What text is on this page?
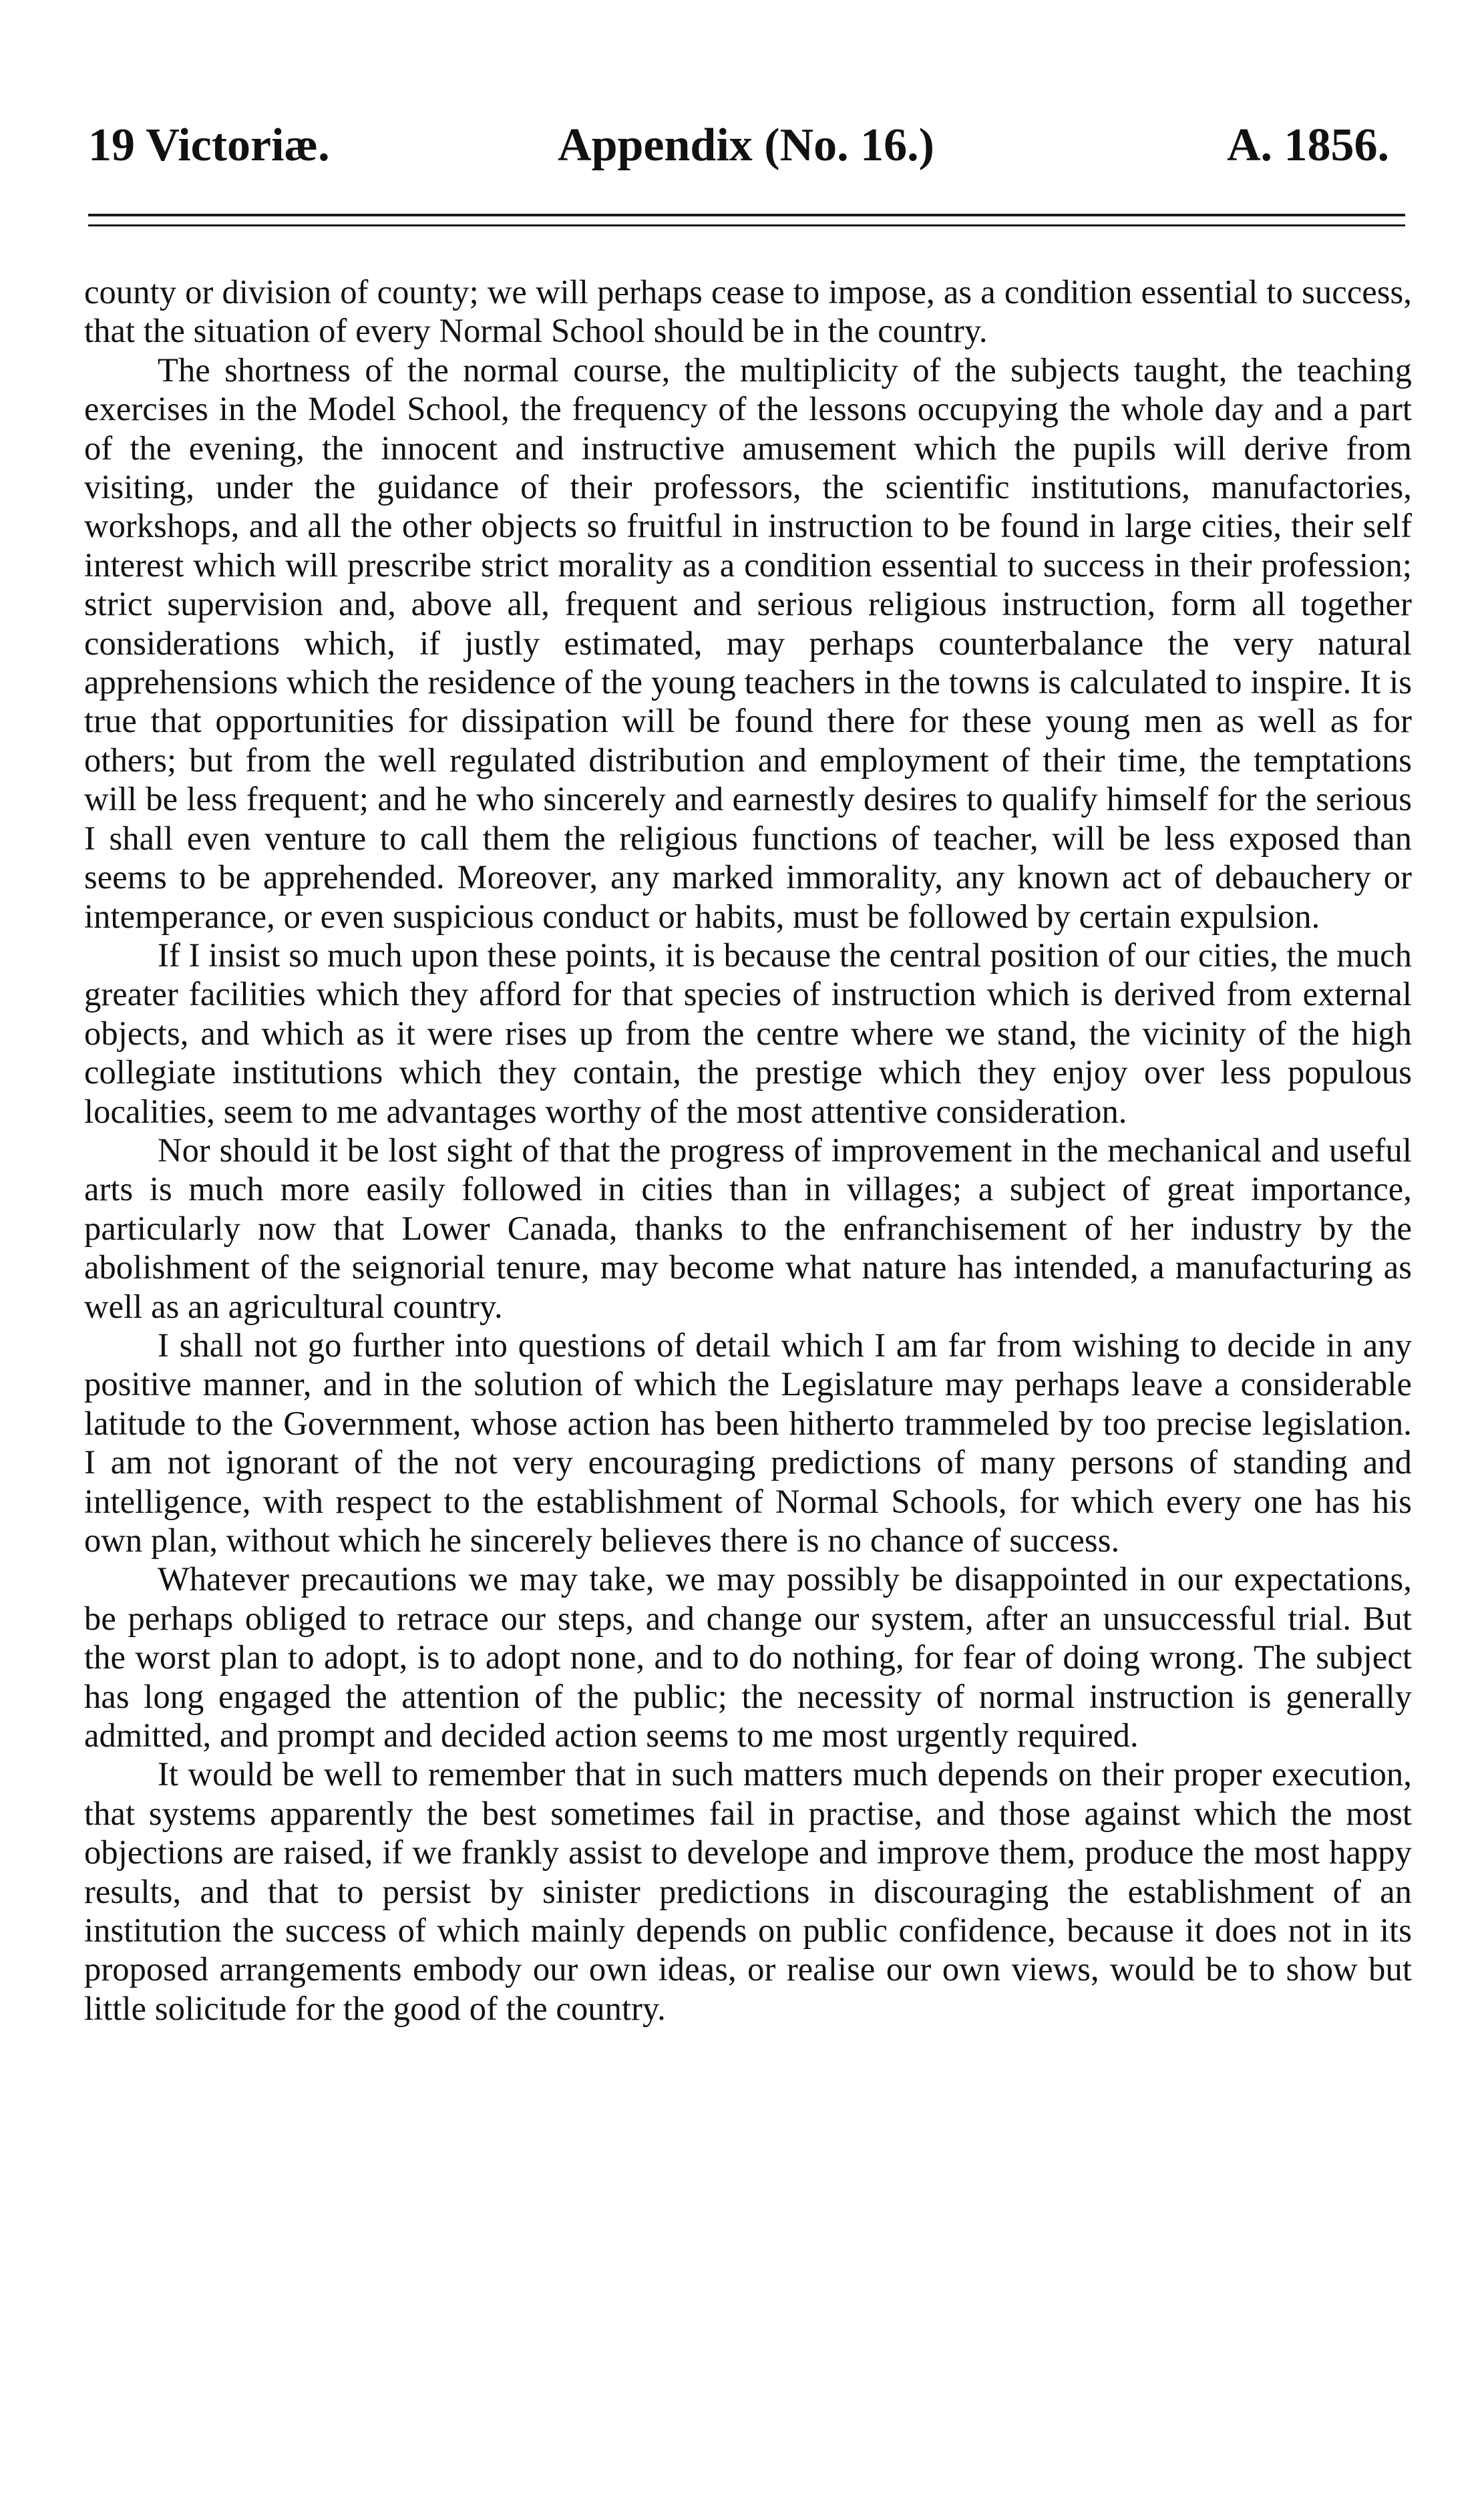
19 Victoriæ.	Appendix (No. 16.)	A. 1856.

county or division of county; we will perhaps cease to impose, as a condition essential to success, that the situation of every Normal School should be in the country.

The shortness of the normal course, the multiplicity of the subjects taught, the teaching exercises in the Model School, the frequency of the lessons occupying the whole day and a part of the evening, the innocent and instructive amusement which the pupils will derive from visiting, under the guidance of their professors, the scientific institutions, manufactories, workshops, and all the other objects so fruitful in instruction to be found in large cities, their self interest which will prescribe strict morality as a condition essential to success in their profession; strict supervision and, above all, frequent and serious religious instruction, form all together considerations which, if justly estimated, may perhaps counterbalance the very natural apprehensions which the residence of the young teachers in the towns is calculated to inspire. It is true that opportunities for dissipation will be found there for these young men as well as for others; but from the well regulated distribution and employment of their time, the temptations will be less frequent; and he who sincerely and earnestly desires to qualify himself for the serious I shall even venture to call them the religious functions of teacher, will be less exposed than seems to be apprehended. Moreover, any marked immorality, any known act of debauchery or intemperance, or even suspicious conduct or habits, must be followed by certain expulsion.

If I insist so much upon these points, it is because the central position of our cities, the much greater facilities which they afford for that species of instruction which is derived from external objects, and which as it were rises up from the centre where we stand, the vicinity of the high collegiate institutions which they contain, the prestige which they enjoy over less populous localities, seem to me advantages worthy of the most attentive consideration.

Nor should it be lost sight of that the progress of improvement in the mechanical and useful arts is much more easily followed in cities than in villages; a subject of great importance, particularly now that Lower Canada, thanks to the enfranchisement of her industry by the abolishment of the seignorial tenure, may become what nature has intended, a manufacturing as well as an agricultural country.

I shall not go further into questions of detail which I am far from wishing to decide in any positive manner, and in the solution of which the Legislature may perhaps leave a considerable latitude to the Government, whose action has been hitherto trammeled by too precise legislation. I am not ignorant of the not very encouraging predictions of many persons of standing and intelligence, with respect to the establishment of Normal Schools, for which every one has his own plan, without which he sincerely believes there is no chance of success.

Whatever precautions we may take, we may possibly be disappointed in our expectations, be perhaps obliged to retrace our steps, and change our system, after an unsuccessful trial. But the worst plan to adopt, is to adopt none, and to do nothing, for fear of doing wrong. The subject has long engaged the attention of the public; the necessity of normal instruction is generally admitted, and prompt and decided action seems to me most urgently required.

It would be well to remember that in such matters much depends on their proper execution, that systems apparently the best sometimes fail in practise, and those against which the most objections are raised, if we frankly assist to develope and improve them, produce the most happy results, and that to persist by sinister predictions in discouraging the establishment of an institution the success of which mainly depends on public confidence, because it does not in its proposed arrangements embody our own ideas, or realise our own views, would be to show but little solicitude for the good of the country.
